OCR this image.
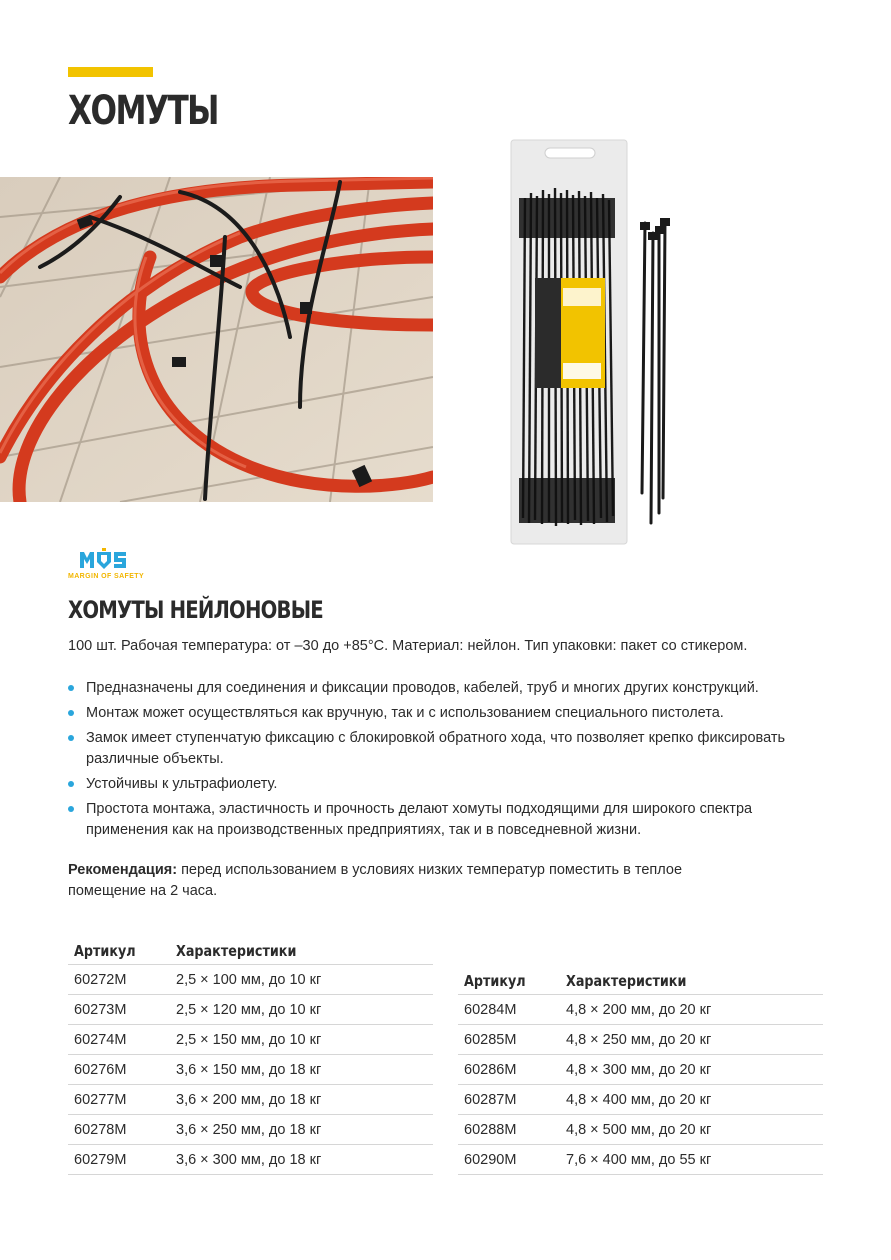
ХОМУТЫ
MARGIN OF SAFETY
ХОМУТЫ НЕЙЛОНОВЫЕ

100 шт. Рабочая температура: от –30 до +85°С. Материал: нейлон. Тип упаковки: пакет со стикером.

Предназначены для соединения и фиксации проводов, кабелей, труб и многих других конструкций.
Монтаж может осуществляться как вручную, так и с использованием специального пистолета.
Замок имеет ступенчатую фиксацию с блокировкой обратного хода, что позволяет крепко фиксировать различные объекты.
Устойчивы к ультрафиолету.
Простота монтажа, эластичность и прочность делают хомуты подходящими для широкого спектра применения как на производственных предприятиях, так и в повседневной жизни.

Рекомендация: перед использованием в условиях низких температур поместить в теплое помещение на 2 часа.

Артикул	Характеристики
60272M	2,5 × 100 мм, до 10 кг
60273M	2,5 × 120 мм, до 10 кг
60274M	2,5 × 150 мм, до 10 кг
60276M	3,6 × 150 мм, до 18 кг
60277M	3,6 × 200 мм, до 18 кг
60278M	3,6 × 250 мм, до 18 кг
60279M	3,6 × 300 мм, до 18 кг
Артикул	Характеристики
60284M	4,8 × 200 мм, до 20 кг
60285M	4,8 × 250 мм, до 20 кг
60286M	4,8 × 300 мм, до 20 кг
60287M	4,8 × 400 мм, до 20 кг
60288M	4,8 × 500 мм, до 20 кг
60290M	7,6 × 400 мм, до 55 кг
